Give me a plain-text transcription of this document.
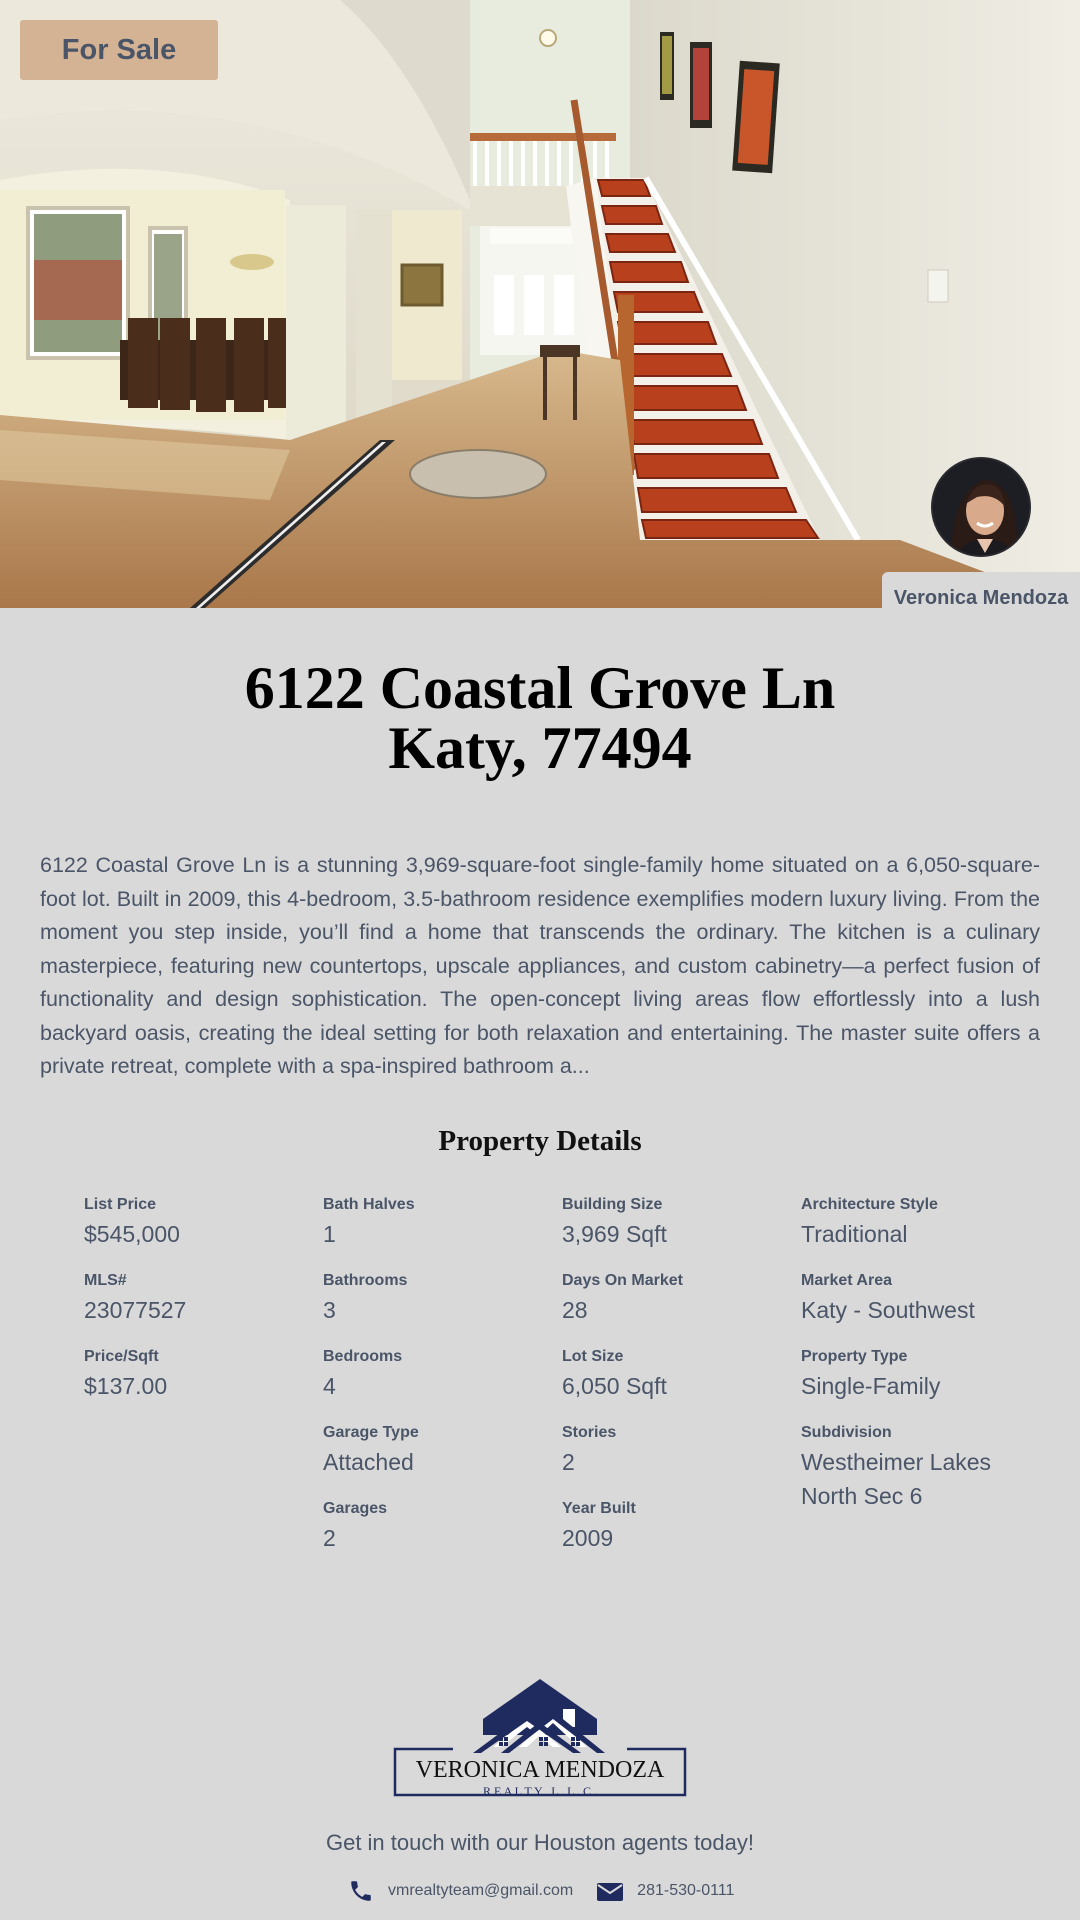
For Sale
Veronica Mendoza
6122 Coastal Grove Ln
Katy, 77494

6122 Coastal Grove Ln is a stunning 3,969-square-foot single-family home situated on a 6,050-square-foot lot. Built in 2009, this 4-bedroom, 3.5-bathroom residence exemplifies modern luxury living. From the moment you step inside, you’ll find a home that transcends the ordinary. The kitchen is a culinary masterpiece, featuring new countertops, upscale appliances, and custom cabinetry—a perfect fusion of functionality and design sophistication. The open-concept living areas flow effortlessly into a lush backyard oasis, creating the ideal setting for both relaxation and entertaining. The master suite offers a private retreat, complete with a spa-inspired bathroom a...

Property Details
List Price
$545,000
MLS#
23077527
Price/Sqft
$137.00
Bath Halves
1
Bathrooms
3
Bedrooms
4
Garage Type
Attached
Garages
2
Building Size
3,969 Sqft
Days On Market
28
Lot Size
6,050 Sqft
Stories
2
Year Built
2009
Architecture Style
Traditional
Market Area
Katy - Southwest
Property Type
Single-Family
Subdivision
Westheimer Lakes North Sec 6
VERONICA MENDOZA
R E A L T Y   L . L . C .
Get in touch with our Houston agents today!
vmrealtyteam@gmail.com	281-530-0111
